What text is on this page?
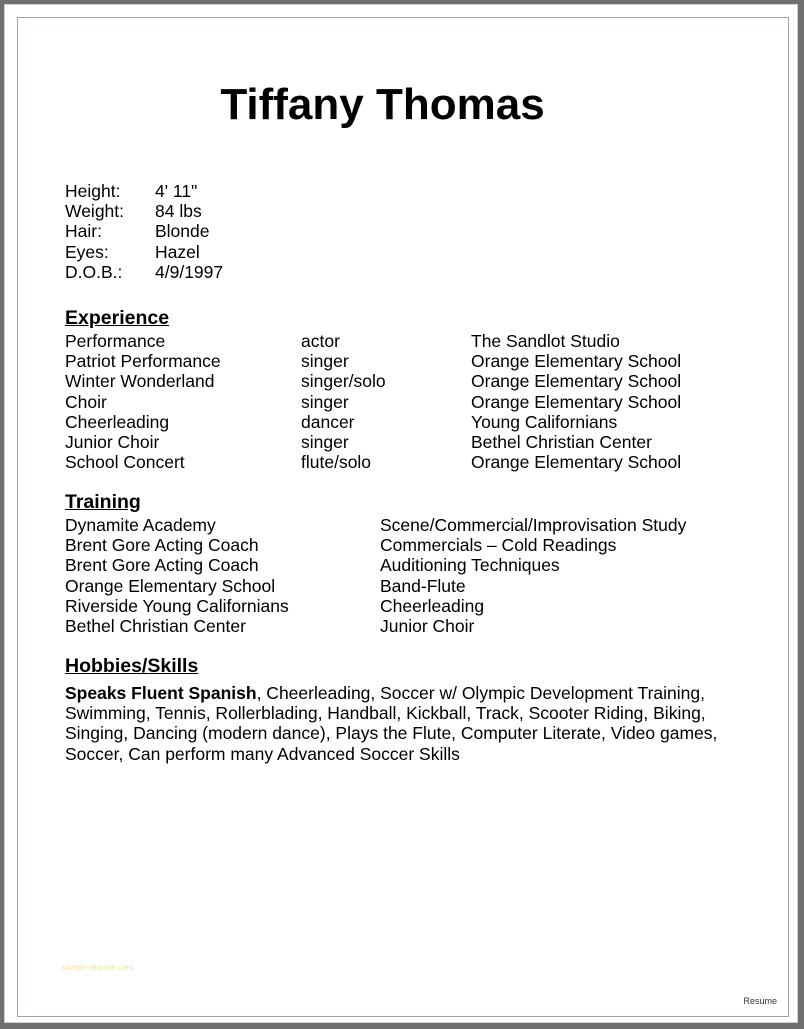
Tiffany Thomas
Height:	4' 11"
Weight:	84 lbs
Hair:	Blonde
Eyes:	Hazel
D.O.B.:	4/9/1997
Experience
Performance	actor	The Sandlot Studio
Patriot Performance	singer	Orange Elementary School
Winter Wonderland	singer/solo	Orange Elementary School
Choir	singer	Orange Elementary School
Cheerleading	dancer	Young Californians
Junior Choir	singer	Bethel Christian Center
School Concert	flute/solo	Orange Elementary School
Training
Dynamite Academy	Scene/Commercial/Improvisation Study
Brent Gore Acting Coach	Commercials – Cold Readings
Brent Gore Acting Coach	Auditioning Techniques
Orange Elementary School	Band-Flute
Riverside Young Californians	Cheerleading
Bethel Christian Center	Junior Choir
Hobbies/Skills
Speaks Fluent Spanish, Cheerleading, Soccer w/ Olympic Development Training, Swimming, Tennis, Rollerblading, Handball, Kickball, Track, Scooter Riding, Biking, Singing, Dancing (modern dance), Plays the Flute, Computer Literate, Video games, Soccer, Can perform many Advanced Soccer Skills
sample-resume.com
Resume
